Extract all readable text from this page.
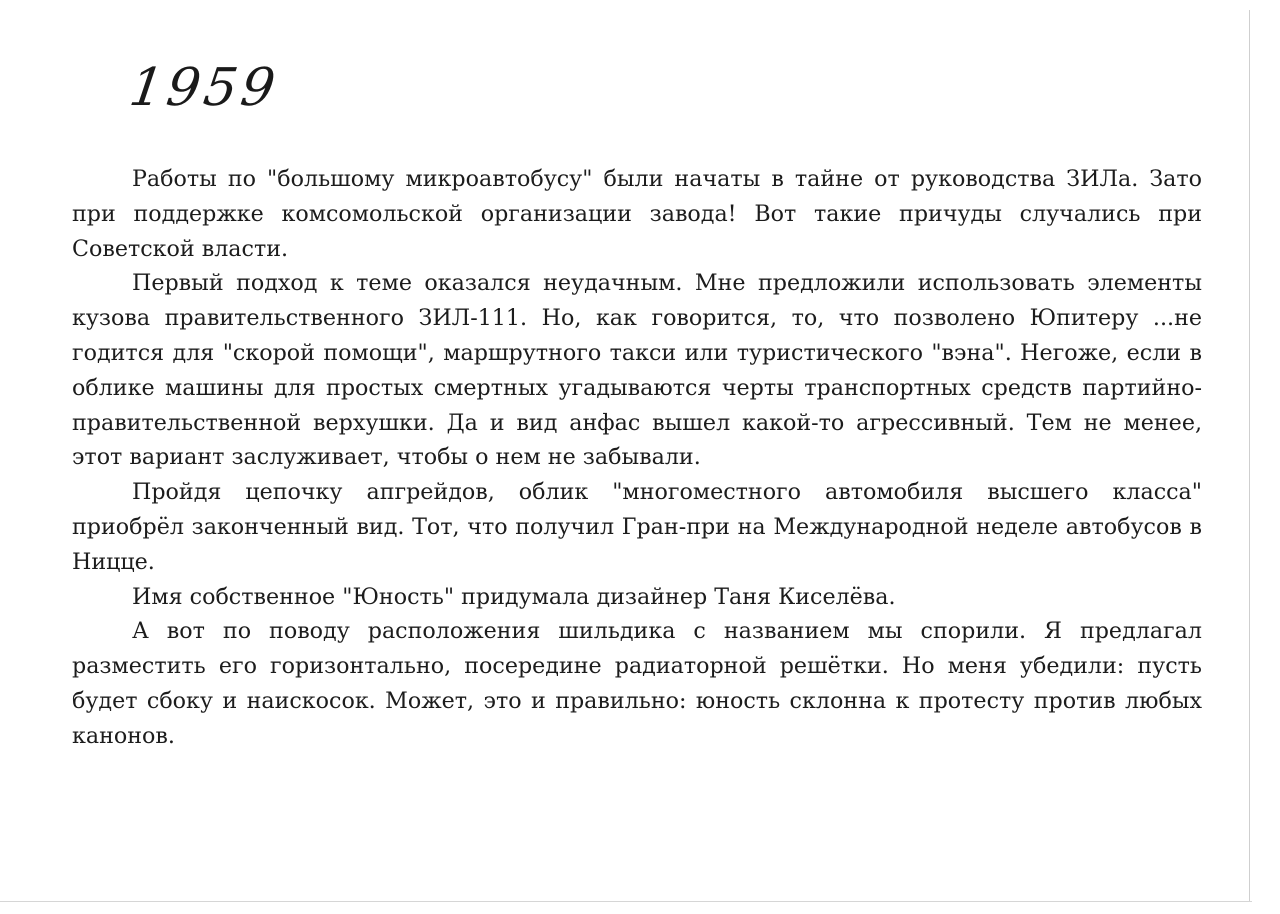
1959

Работы по "большому микроавтобусу" были начаты в тайне от руководства ЗИЛа. Зато при поддержке комсомольской организации завода! Вот такие причуды случались при Советской власти.

Первый подход к теме оказался неудачным. Мне предложили использовать элементы кузова правительственного ЗИЛ-111. Но, как говорится, то, что позволено Юпитеру ...не годится для "скорой помощи", маршрутного такси или туристического "вэна". Негоже, если в облике машины для простых смертных угадываются черты транспортных средств партийно-правительственной верхушки. Да и вид анфас вышел какой-то агрессивный. Тем не менее, этот вариант заслуживает, чтобы о нем не забывали.

Пройдя цепочку апгрейдов, облик "многоместного автомобиля высшего класса" приобрёл законченный вид. Тот, что получил Гран-при на Международной неделе автобусов в Ницце.

Имя собственное "Юность" придумала дизайнер Таня Киселёва.

А вот по поводу расположения шильдика с названием мы спорили. Я предлагал разместить его горизонтально, посередине радиаторной решётки. Но меня убедили: пусть будет сбоку и наискосок. Может, это и правильно: юность склонна к протесту против любых канонов.
